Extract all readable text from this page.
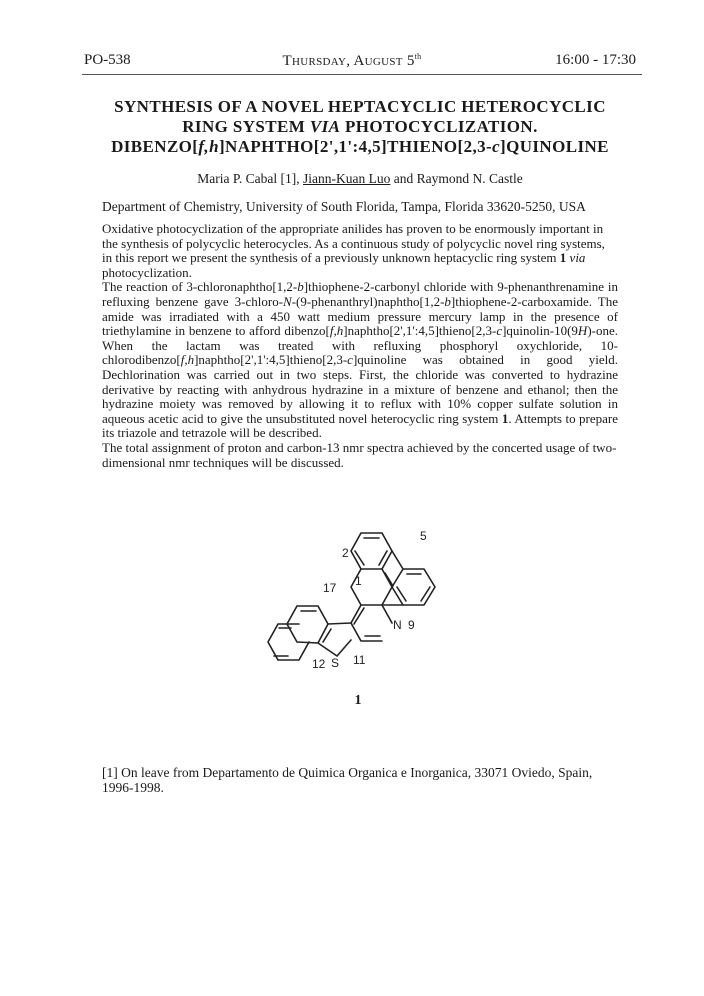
PO-538	Thursday, August 5th	16:00 - 17:30
SYNTHESIS OF A NOVEL HEPTACYCLIC HETEROCYCLIC
RING SYSTEM VIA PHOTOCYCLIZATION.
DIBENZO[f,h]NAPHTHO[2',1':4,5]THIENO[2,3-c]QUINOLINE
Maria P. Cabal [1], Jiann-Kuan Luo and Raymond N. Castle
Department of Chemistry, University of South Florida, Tampa, Florida 33620-5250, USA

Oxidative photocyclization of the appropriate anilides has proven to be enormously important in the synthesis of polycyclic heterocycles. As a continuous study of polycyclic novel ring systems, in this report we present the synthesis of a previously unknown heptacyclic ring system 1 via photocyclization.

The reaction of 3-chloronaphtho[1,2-b]thiophene-2-carbonyl chloride with 9-phenanthrenamine in refluxing benzene gave 3-chloro-N-(9-phenanthryl)naphtho[1,2-b]thiophene-2-carboxamide. The amide was irradiated with a 450 watt medium pressure mercury lamp in the presence of triethylamine in benzene to afford dibenzo[f,h]naphtho[2',1':4,5]thieno[2,3-c]quinolin-10(9H)-one. When the lactam was treated with refluxing phosphoryl oxychloride, 10-chlorodibenzo[f,h]naphtho[2',1':4,5]thieno[2,3-c]quinoline was obtained in good yield. Dechlorination was carried out in two steps. First, the chloride was converted to hydrazine derivative by reacting with anhydrous hydrazine in a mixture of benzene and ethanol; then the hydrazine moiety was removed by allowing it to reflux with 10% copper sulfate solution in aqueous acetic acid to give the unsubstituted novel heterocyclic ring system 1. Attempts to prepare its triazole and tetrazole will be described.

The total assignment of proton and carbon-13 nmr spectra achieved by the concerted usage of two-dimensional nmr techniques will be discussed.

N 9
S
2
5
1
17
11
12
1
[1] On leave from Departamento de Quimica Organica e Inorganica, 33071 Oviedo, Spain, 1996-1998.
